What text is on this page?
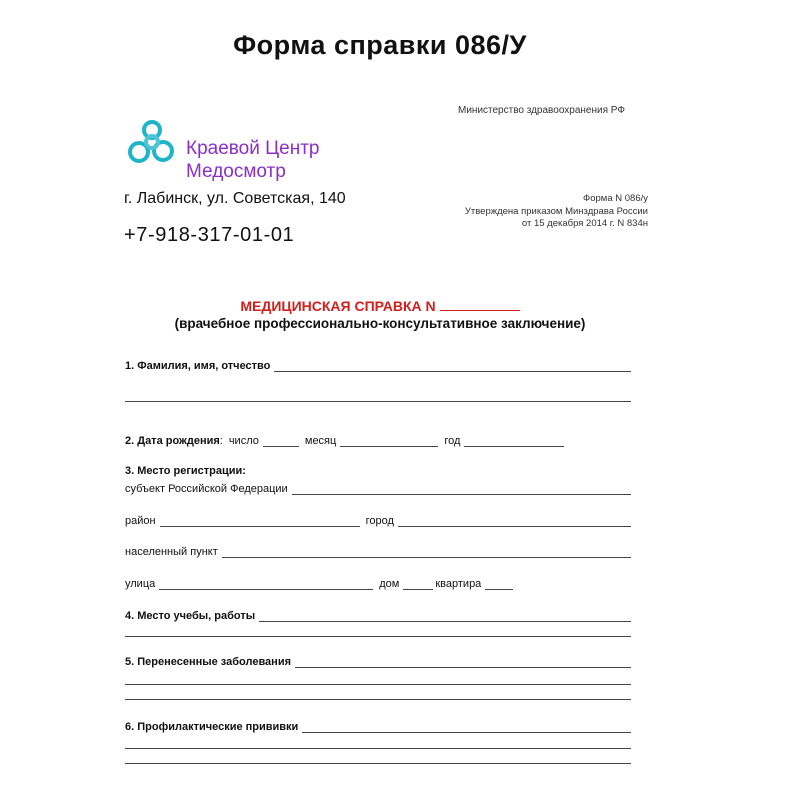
Форма справки 086/У
Министерство здравоохранения РФ
Краевой Центр
Медосмотр
г. Лабинск, ул. Советская, 140
+7-918-317-01-01
Форма N 086/у
Утверждена приказом Минздрава России
от 15 декабря 2014 г. N 834н
МЕДИЦИНСКАЯ СПРАВКА N
(врачебное профессионально-консультативное заключение)
1. Фамилия, имя, отчество
2. Дата рождения : число	месяц	год
3. Место регистрации:
субъект Российской Федерации
район	город
населенный пункт
улица	дом	квартира
4. Место учебы, работы
5. Перенесенные заболевания
6. Профилактические прививки
